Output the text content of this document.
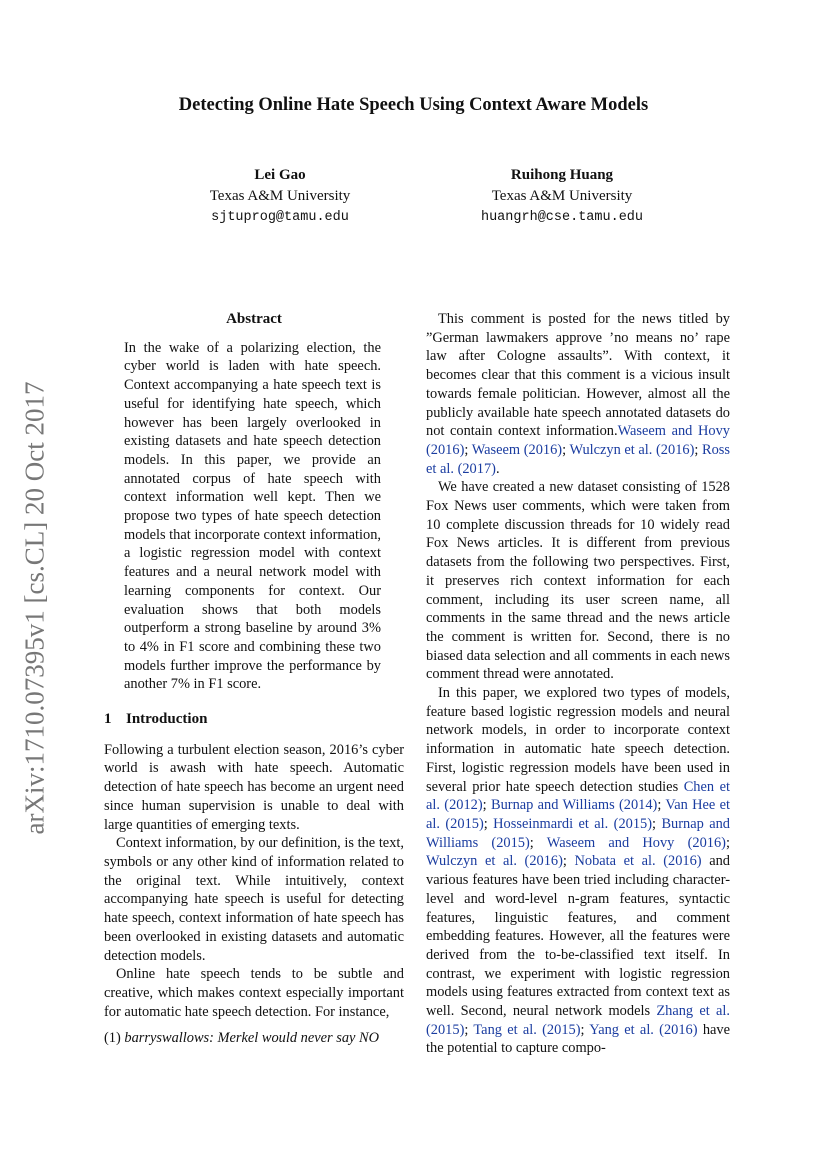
Detecting Online Hate Speech Using Context Aware Models
Lei Gao
Texas A&M University
sjtuprog@tamu.edu
Ruihong Huang
Texas A&M University
huangrh@cse.tamu.edu
arXiv:1710.07395v1 [cs.CL] 20 Oct 2017
Abstract

In the wake of a polarizing election, the cyber world is laden with hate speech. Context accompanying a hate speech text is useful for identifying hate speech, which however has been largely overlooked in existing datasets and hate speech detection models. In this paper, we provide an annotated corpus of hate speech with context information well kept. Then we propose two types of hate speech detection models that incorporate context information, a logistic regression model with context features and a neural network model with learning components for context. Our evaluation shows that both models outperform a strong baseline by around 3% to 4% in F1 score and combining these two models further improve the performance by another 7% in F1 score.

1 Introduction

Following a turbulent election season, 2016’s cyber world is awash with hate speech. Automatic detection of hate speech has become an urgent need since human supervision is unable to deal with large quantities of emerging texts.

Context information, by our definition, is the text, symbols or any other kind of information related to the original text. While intuitively, context accompanying hate speech is useful for detecting hate speech, context information of hate speech has been overlooked in existing datasets and automatic detection models.

Online hate speech tends to be subtle and creative, which makes context especially important for automatic hate speech detection. For instance,

(1) barryswallows: Merkel would never say NO

This comment is posted for the news titled by ”German lawmakers approve ’no means no’ rape law after Cologne assaults”. With context, it becomes clear that this comment is a vicious insult towards female politician. However, almost all the publicly available hate speech annotated datasets do not contain context information.Waseem and Hovy (2016); Waseem (2016); Wulczyn et al. (2016); Ross et al. (2017).

We have created a new dataset consisting of 1528 Fox News user comments, which were taken from 10 complete discussion threads for 10 widely read Fox News articles. It is different from previous datasets from the following two perspectives. First, it preserves rich context information for each comment, including its user screen name, all comments in the same thread and the news article the comment is written for. Second, there is no biased data selection and all comments in each news comment thread were annotated.

In this paper, we explored two types of models, feature based logistic regression models and neural network models, in order to incorporate context information in automatic hate speech detection. First, logistic regression models have been used in several prior hate speech detection studies Chen et al. (2012); Burnap and Williams (2014); Van Hee et al. (2015); Hosseinmardi et al. (2015); Burnap and Williams (2015); Waseem and Hovy (2016); Wulczyn et al. (2016); Nobata et al. (2016) and various features have been tried including character-level and word-level n-gram features, syntactic features, linguistic features, and comment embedding features. However, all the features were derived from the to-be-classified text itself. In contrast, we experiment with logistic regression models using features extracted from context text as well. Second, neural network models Zhang et al. (2015); Tang et al. (2015); Yang et al. (2016) have the potential to capture compo-
